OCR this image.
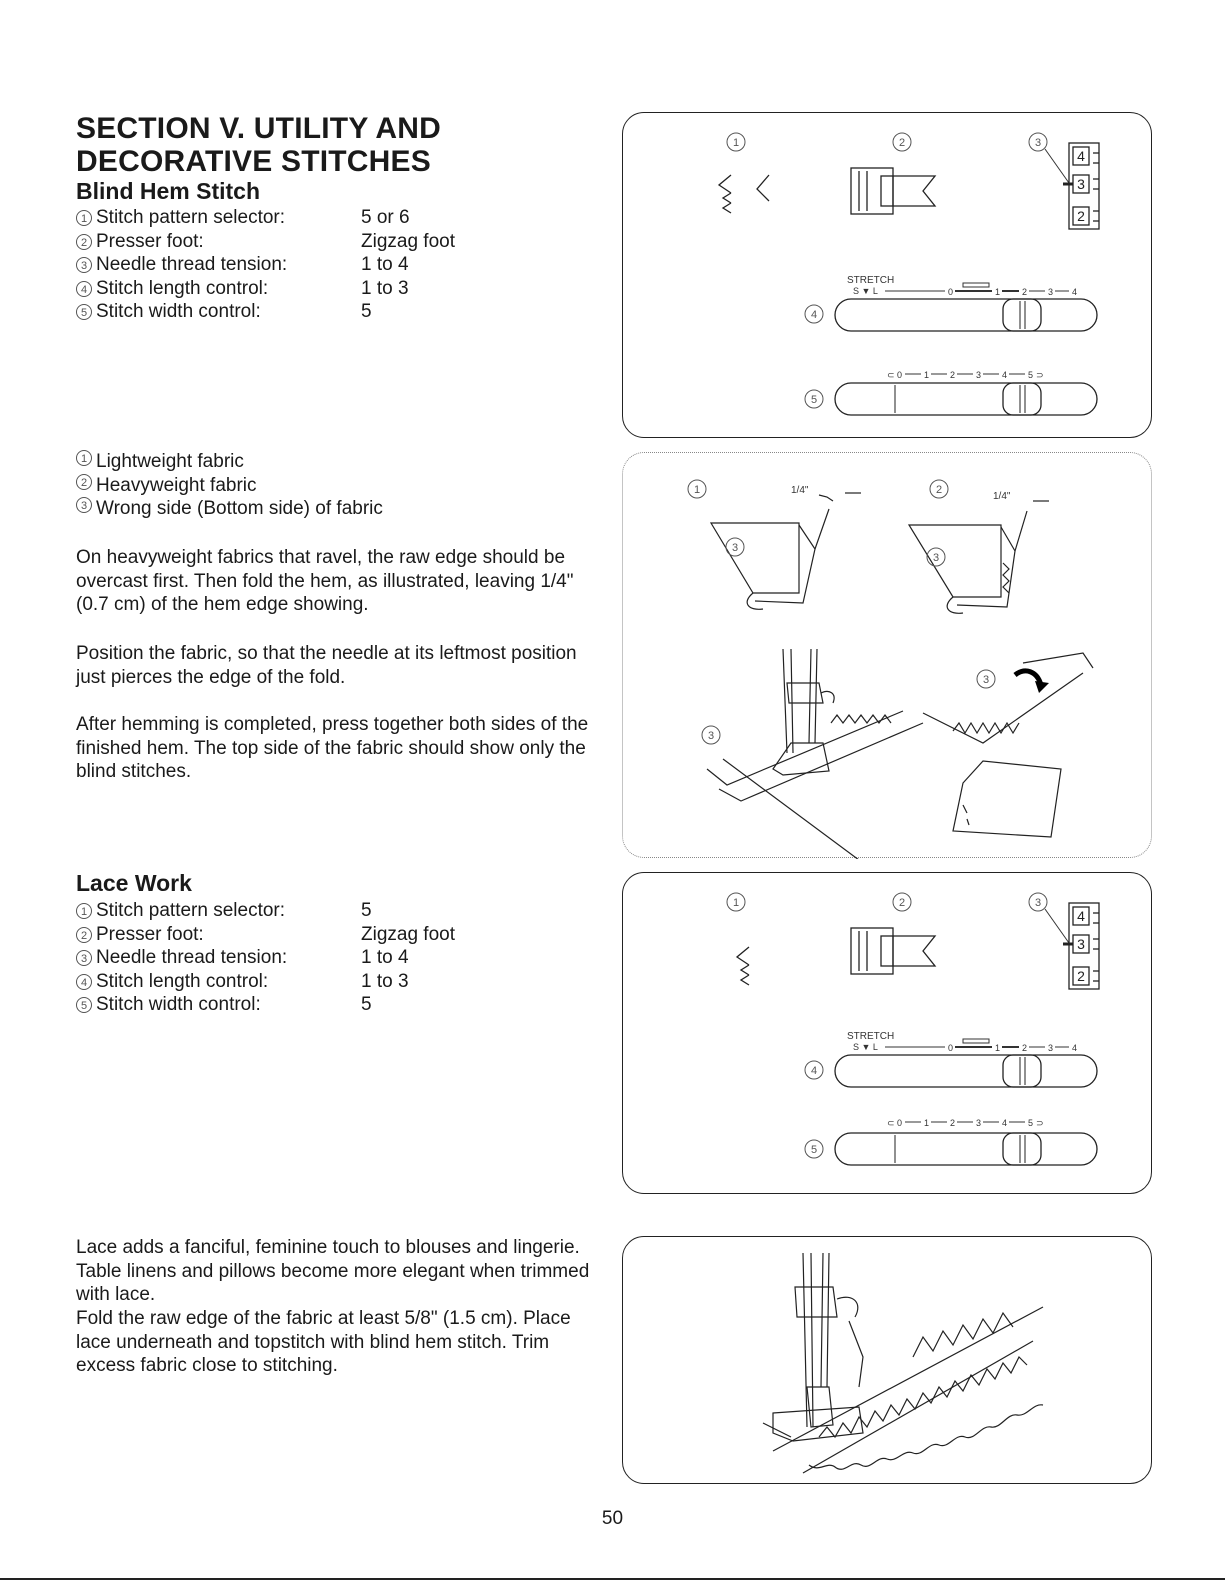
SECTION V. UTILITY AND DECORATIVE STITCHES
Blind Hem Stitch
1 Stitch pattern selector:	5 or 6
2 Presser foot:	Zigzag foot
3 Needle thread tension:	1 to 4
4 Stitch length control:	1 to 3
5 Stitch width control:	5
1 Lightweight fabric
2 Heavyweight fabric
3 Wrong side (Bottom side) of fabric

On heavyweight fabrics that ravel, the raw edge should be overcast first. Then fold the hem, as illustrated, leaving 1/4"(0.7 cm) of the hem edge showing.

Position the fabric, so that the needle at its leftmost position just pierces the edge of the fold.

After hemming is completed, press together both sides of the finished hem. The top side of the fabric should show only the blind stitches.

Lace Work
1 Stitch pattern selector:	5
2 Presser foot:	Zigzag foot
3 Needle thread tension:	1 to 4
4 Stitch length control:	1 to 3
5 Stitch width control:	5

Lace adds a fanciful, feminine touch to blouses and lingerie. Table linens and pillows become more elegant when trimmed with lace.

Fold the raw edge of the fabric at least 5/8" (1.5 cm). Place lace underneath and topstitch with blind hem stitch. Trim excess fabric close to stitching.

1	2	3
4
3
2
STRETCH
S ▼ L	0	1 2 3 4
4
⊂ 0 1 2 3 4 5 ⊃
5
1	1/4"
3
2
1/4"
3
3
3
1	2	3
4
3
2
STRETCH
S ▼ L	0	1 2 3 4
4
⊂ 0 1 2 3 4 5 ⊃
5
50
